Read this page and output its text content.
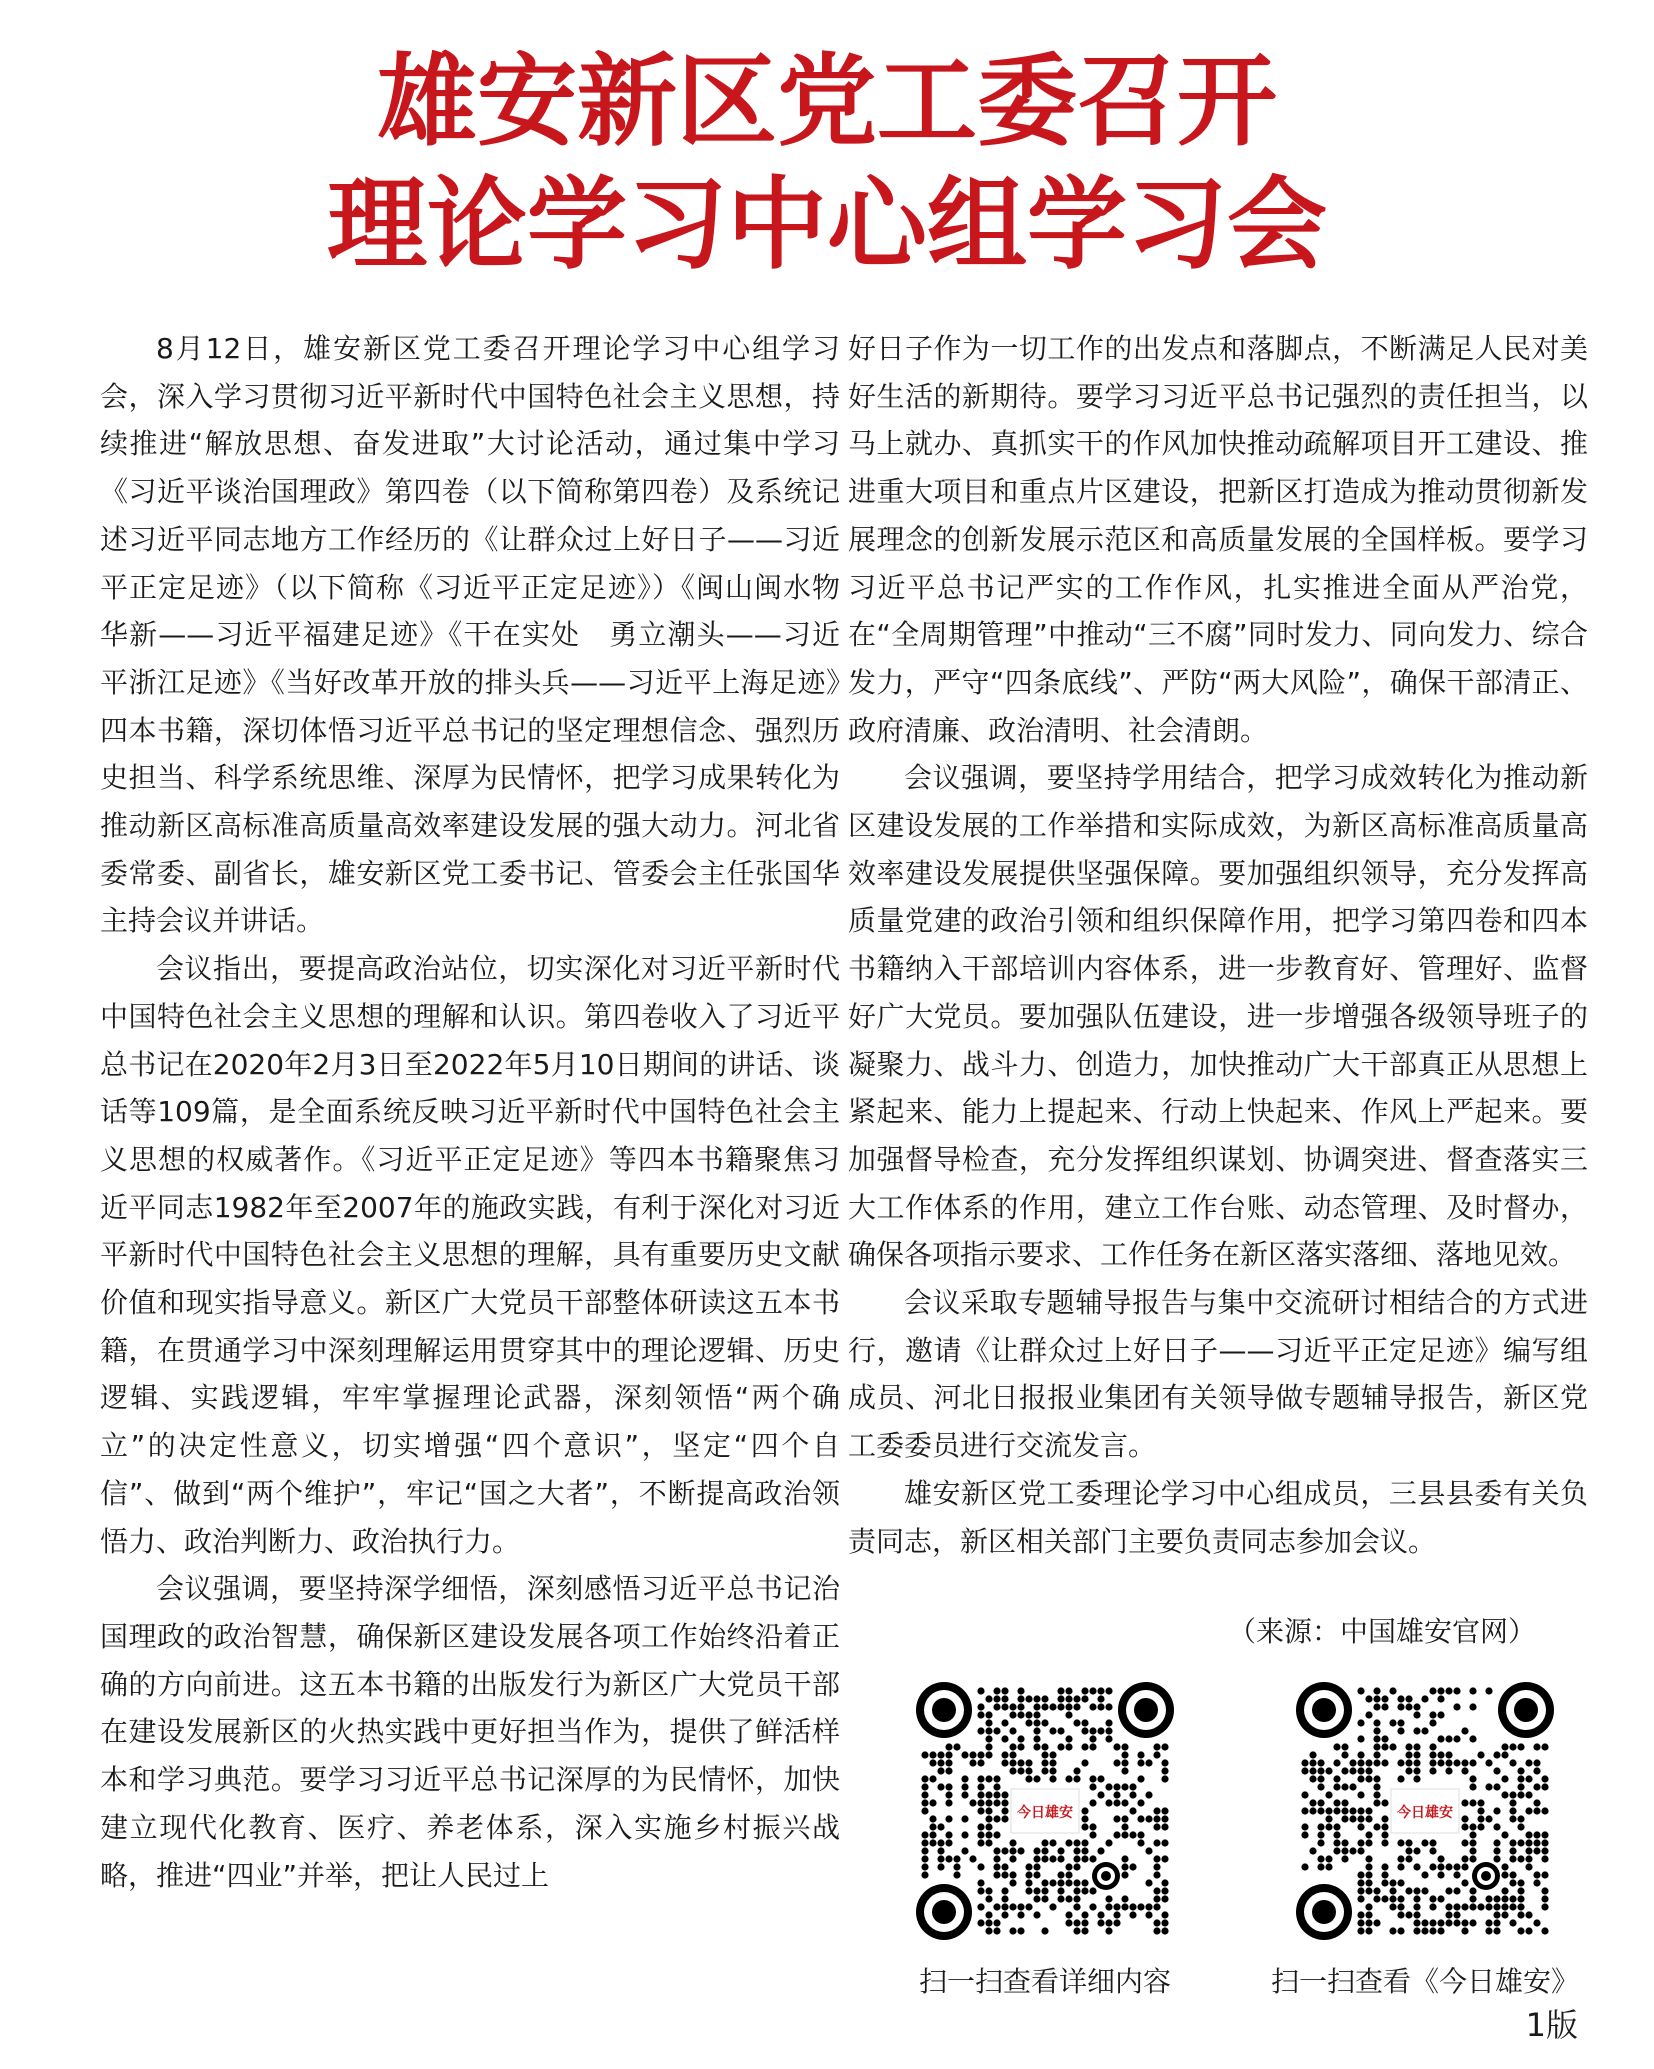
雄安新区党工委召开
理论学习中心组学习会

8月12日，雄安新区党工委召开理论学习中心组学习会，深入学习贯彻习近平新时代中国特色社会主义思想，持续推进“解放思想、奋发进取”大讨论活动，通过集中学习《习近平谈治国理政》第四卷（以下简称第四卷）及系统记述习近平同志地方工作经历的《让群众过上好日子——习近平正定足迹》（以下简称《习近平正定足迹》）《闽山闽水物华新——习近平福建足迹》《干在实处　勇立潮头——习近平浙江足迹》《当好改革开放的排头兵——习近平上海足迹》四本书籍，深切体悟习近平总书记的坚定理想信念、强烈历史担当、科学系统思维、深厚为民情怀，把学习成果转化为推动新区高标准高质量高效率建设发展的强大动力。河北省委常委、副省长，雄安新区党工委书记、管委会主任张国华主持会议并讲话。

会议指出，要提高政治站位，切实深化对习近平新时代中国特色社会主义思想的理解和认识。第四卷收入了习近平总书记在2020年2月3日至2022年5月10日期间的讲话、谈话等109篇，是全面系统反映习近平新时代中国特色社会主义思想的权威著作。《习近平正定足迹》等四本书籍聚焦习近平同志1982年至2007年的施政实践，有利于深化对习近平新时代中国特色社会主义思想的理解，具有重要历史文献价值和现实指导意义。新区广大党员干部整体研读这五本书籍，在贯通学习中深刻理解运用贯穿其中的理论逻辑、历史逻辑、实践逻辑，牢牢掌握理论武器，深刻领悟“两个确立”的决定性意义，切实增强“四个意识”，坚定“四个自信”、做到“两个维护”，牢记“国之大者”，不断提高政治领悟力、政治判断力、政治执行力。

会议强调，要坚持深学细悟，深刻感悟习近平总书记治国理政的政治智慧，确保新区建设发展各项工作始终沿着正确的方向前进。这五本书籍的出版发行为新区广大党员干部在建设发展新区的火热实践中更好担当作为，提供了鲜活样本和学习典范。要学习习近平总书记深厚的为民情怀，加快建立现代化教育、医疗、养老体系，深入实施乡村振兴战略，推进“四业”并举，把让人民过上

好日子作为一切工作的出发点和落脚点，不断满足人民对美好生活的新期待。要学习习近平总书记强烈的责任担当，以马上就办、真抓实干的作风加快推动疏解项目开工建设、推进重大项目和重点片区建设，把新区打造成为推动贯彻新发展理念的创新发展示范区和高质量发展的全国样板。要学习习近平总书记严实的工作作风，扎实推进全面从严治党，在“全周期管理”中推动“三不腐”同时发力、同向发力、综合发力，严守“四条底线”、严防“两大风险”，确保干部清正、政府清廉、政治清明、社会清朗。

会议强调，要坚持学用结合，把学习成效转化为推动新区建设发展的工作举措和实际成效，为新区高标准高质量高效率建设发展提供坚强保障。要加强组织领导，充分发挥高质量党建的政治引领和组织保障作用，把学习第四卷和四本书籍纳入干部培训内容体系，进一步教育好、管理好、监督好广大党员。要加强队伍建设，进一步增强各级领导班子的凝聚力、战斗力、创造力，加快推动广大干部真正从思想上紧起来、能力上提起来、行动上快起来、作风上严起来。要加强督导检查，充分发挥组织谋划、协调突进、督查落实三大工作体系的作用，建立工作台账、动态管理、及时督办，确保各项指示要求、工作任务在新区落实落细、落地见效。

会议采取专题辅导报告与集中交流研讨相结合的方式进行，邀请《让群众过上好日子——习近平正定足迹》编写组成员、河北日报报业集团有关领导做专题辅导报告，新区党工委委员进行交流发言。

雄安新区党工委理论学习中心组成员，三县县委有关负责同志，新区相关部门主要负责同志参加会议。

（来源：中国雄安官网）
今日雄安
扫一扫查看详细内容
今日雄安
扫一扫查看《今日雄安》
1版
